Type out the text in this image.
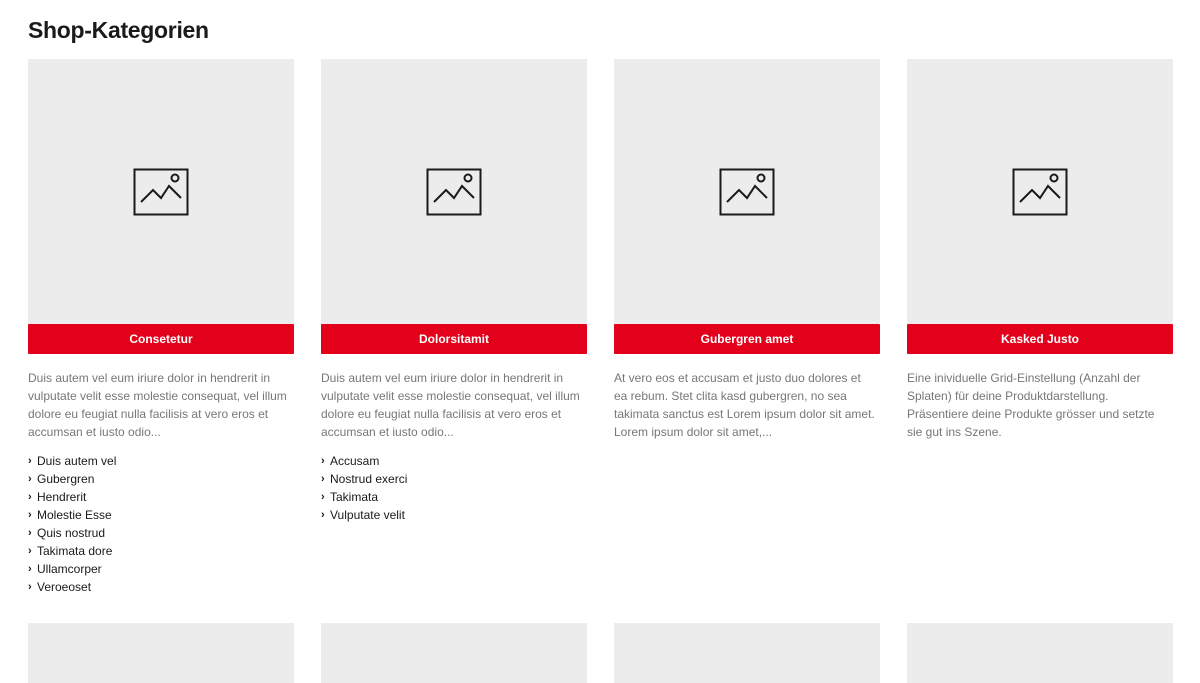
Shop-Kategorien
Consetetur

Duis autem vel eum iriure dolor in hendrerit in vulputate velit esse molestie consequat, vel illum dolore eu feugiat nulla facilisis at vero eros et accumsan et iusto odio...

› Duis autem vel
› Gubergren
› Hendrerit
› Molestie Esse
› Quis nostrud
› Takimata dore
› Ullamcorper
› Veroeoset
Dolorsitamit

Duis autem vel eum iriure dolor in hendrerit in vulputate velit esse molestie consequat, vel illum dolore eu feugiat nulla facilisis at vero eros et accumsan et iusto odio...

› Accusam
› Nostrud exerci
› Takimata
› Vulputate velit
Gubergren amet

At vero eos et accusam et justo duo dolores et ea rebum. Stet clita kasd gubergren, no sea takimata sanctus est Lorem ipsum dolor sit amet. Lorem ipsum dolor sit amet,...

Kasked Justo

Eine inividuelle Grid-Einstellung (Anzahl der Splaten) für deine Produktdarstellung. Präsentiere deine Produkte grösser und setzte sie gut ins Szene.
